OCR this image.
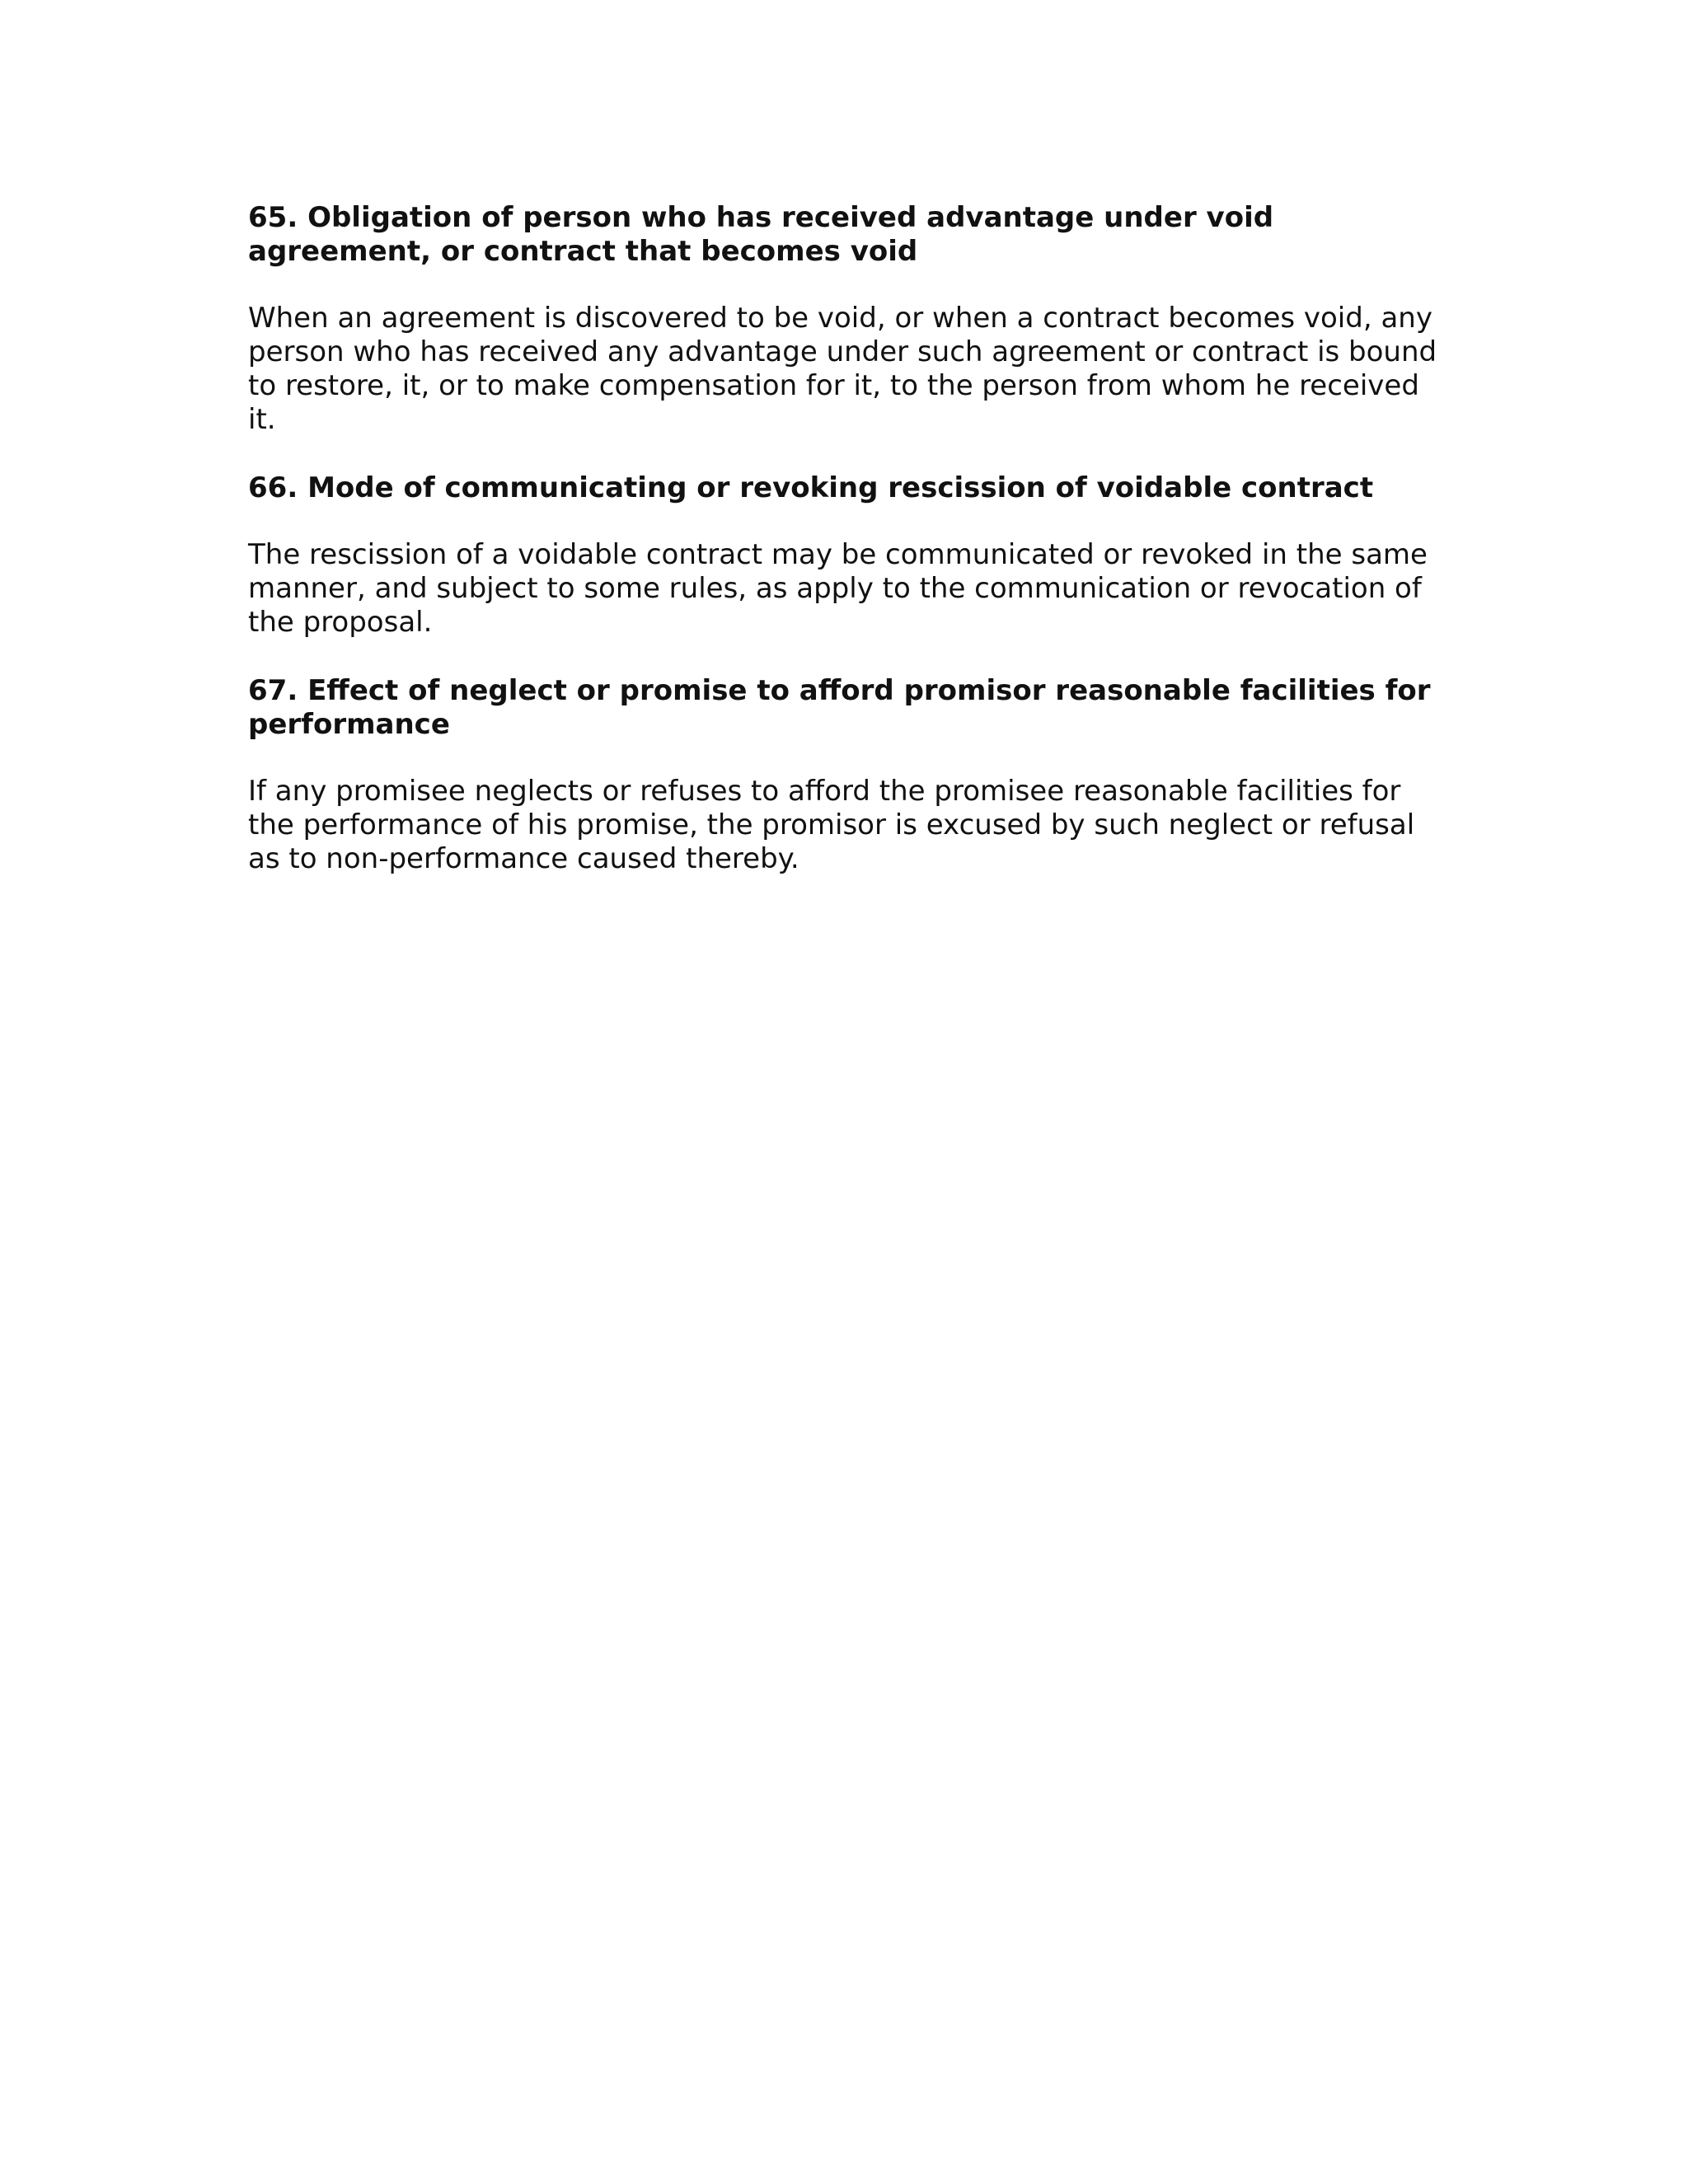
65. Obligation of person who has received advantage under void agreement, or contract that becomes void

When an agreement is discovered to be void, or when a contract becomes void, any person who has received any advantage under such agreement or contract is bound to restore, it, or to make compensation for it, to the person from whom he received it.

66. Mode of communicating or revoking rescission of voidable contract

The rescission of a voidable contract may be communicated or revoked in the same manner, and subject to some rules, as apply to the communication or revocation of the proposal.

67. Effect of neglect or promise to afford promisor reasonable facilities for performance

If any promisee neglects or refuses to afford the promisee reasonable facilities for the performance of his promise, the promisor is excused by such neglect or refusal as to non-performance caused thereby.
